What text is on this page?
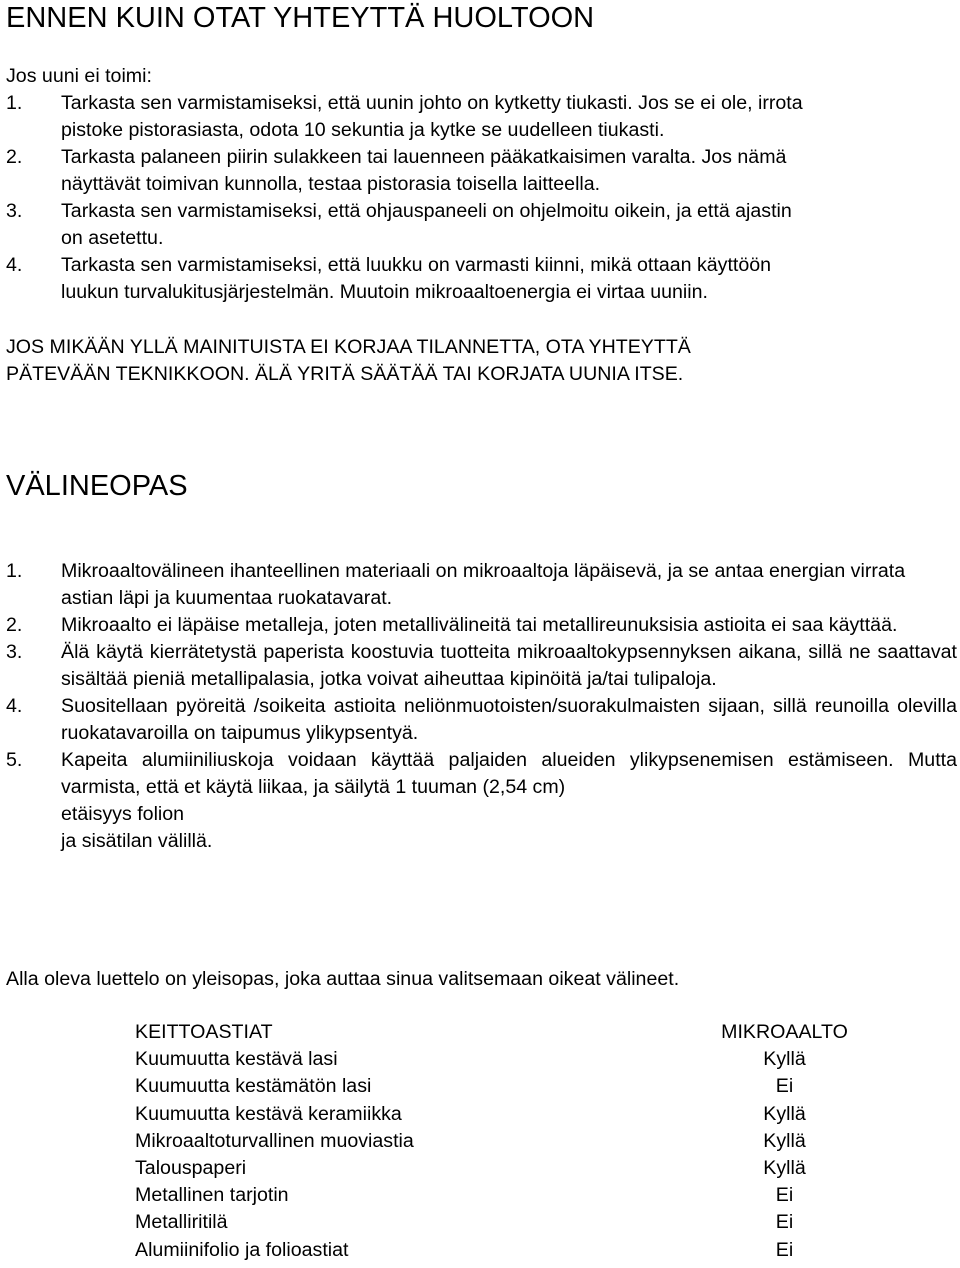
ENNEN KUIN OTAT YHTEYTTÄ HUOLTOON
Jos uuni ei toimi:
1. Tarkasta sen varmistamiseksi, että uunin johto on kytketty tiukasti. Jos se ei ole, irrota
pistoke pistorasiasta, odota 10 sekuntia ja kytke se uudelleen tiukasti.
2. Tarkasta palaneen piirin sulakkeen tai lauenneen pääkatkaisimen varalta. Jos nämä
näyttävät toimivan kunnolla, testaa pistorasia toisella laitteella.
3. Tarkasta sen varmistamiseksi, että ohjauspaneeli on ohjelmoitu oikein, ja että ajastin
on asetettu.
4. Tarkasta sen varmistamiseksi, että luukku on varmasti kiinni, mikä ottaan käyttöön
luukun turvalukitusjärjestelmän. Muutoin mikroaaltoenergia ei virtaa uuniin.
JOS MIKÄÄN YLLÄ MAINITUISTA EI KORJAA TILANNETTA, OTA YHTEYTTÄ
PÄTEVÄÄN TEKNIKKOON. ÄLÄ YRITÄ SÄÄTÄÄ TAI KORJATA UUNIA ITSE.
VÄLINEOPAS
1. Mikroaaltovälineen ihanteellinen materiaali on mikroaaltoja läpäisevä, ja se antaa energian virrata astian läpi ja kuumentaa ruokatavarat.
2. Mikroaalto ei läpäise metalleja, joten metallivälineitä tai metallireunuksisia astioita ei saa käyttää.
3. Älä käytä kierrätetystä paperista koostuvia tuotteita mikroaaltokypsennyksen aikana, sillä ne saattavat sisältää pieniä metallipalasia, jotka voivat aiheuttaa kipinöitä ja/tai tulipaloja.
4. Suositellaan pyöreitä /soikeita astioita neliönmuotoisten/suorakulmaisten sijaan, sillä reunoilla olevilla ruokatavaroilla on taipumus ylikypsentyä.
5. Kapeita alumiiniliuskoja voidaan käyttää paljaiden alueiden ylikypsenemisen estämiseen. Mutta varmista, että et käytä liikaa, ja säilytä 1 tuuman (2,54 cm)
etäisyys folion
ja sisätilan välillä.
Alla oleva luettelo on yleisopas, joka auttaa sinua valitsemaan oikeat välineet.
KEITTOASTIAT	MIKROAALTO
Kuumuutta kestävä lasi	Kyllä
Kuumuutta kestämätön lasi	Ei
Kuumuutta kestävä keramiikka	Kyllä
Mikroaaltoturvallinen muoviastia	Kyllä
Talouspaperi	Kyllä
Metallinen tarjotin	Ei
Metalliritilä	Ei
Alumiinifolio ja folioastiat	Ei
